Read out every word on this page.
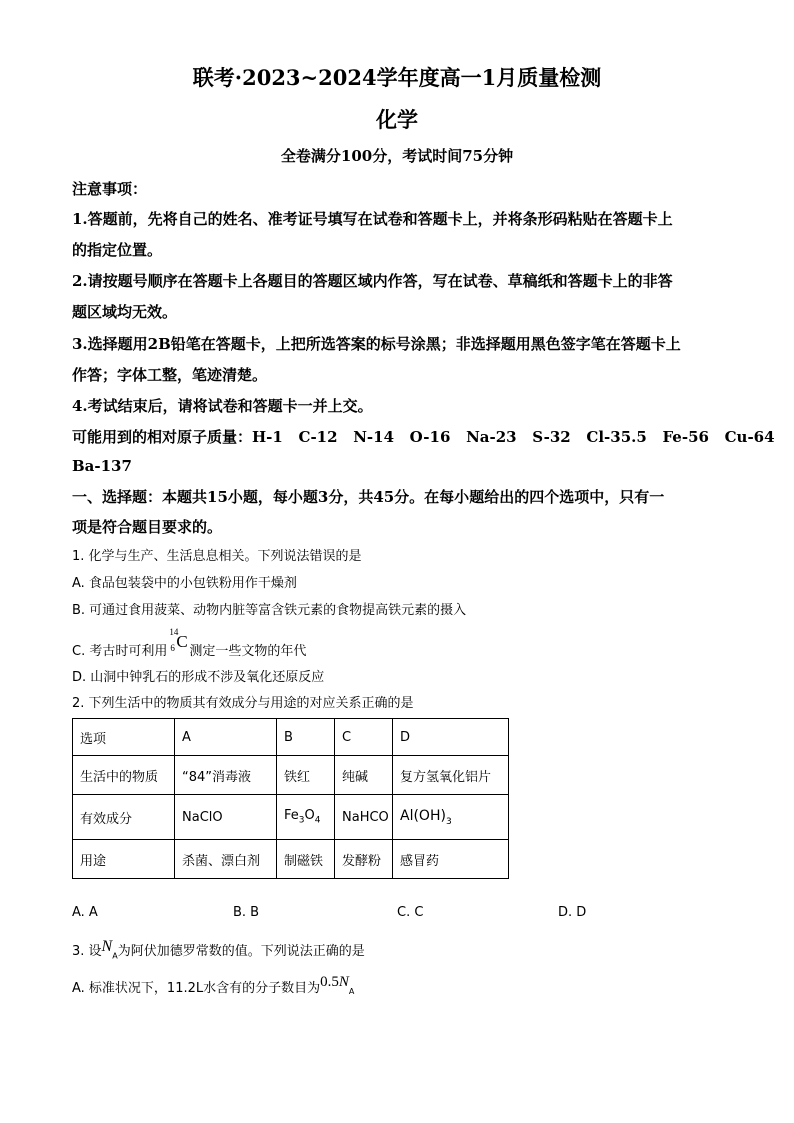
联考·2023~2024学年度高一1月质量检测
化学
全卷满分100分，考试时间75分钟
注意事项：
1.答题前，先将自己的姓名、准考证号填写在试卷和答题卡上，并将条形码粘贴在答题卡上
的指定位置。
2.请按题号顺序在答题卡上各题目的答题区域内作答，写在试卷、草稿纸和答题卡上的非答
题区域均无效。
3.选择题用2B铅笔在答题卡，上把所选答案的标号涂黑；非选择题用黑色签字笔在答题卡上
作答；字体工整，笔迹清楚。
4.考试结束后，请将试卷和答题卡一并上交。
可能用到的相对原子质量：H-1   C-12   N-14   O-16   Na-23   S-32   Cl-35.5   Fe-56   Cu-64
Ba-137
一、选择题：本题共15小题，每小题3分，共45分。在每小题给出的四个选项中，只有一
项是符合题目要求的。
1. 化学与生产、生活息息相关。下列说法错误的是
A. 食品包装袋中的小包铁粉用作干燥剂
B. 可通过食用菠菜、动物内脏等富含铁元素的食物提高铁元素的摄入
C. 考古时可利用
14
6 C
测定一些文物的年代
D. 山洞中钟乳石的形成不涉及氧化还原反应
2. 下列生活中的物质其有效成分与用途的对应关系正确的是
选项	A	B	C	D
生活中的物质	“84”消毒液	铁红	纯碱	复方氢氧化铝片
有效成分	NaClO	$Fe_3O_4$	NaHCO	$Al(OH)_3$
用途	杀菌、漂白剂	制磁铁	发酵粉	感冒药
A. A	B. B	C. C	D. D
3. 设$N_A$为阿伏加德罗常数的值。下列说法正确的是
A. 标准状况下，11.2L水含有的分子数目为$0.5N_A$
